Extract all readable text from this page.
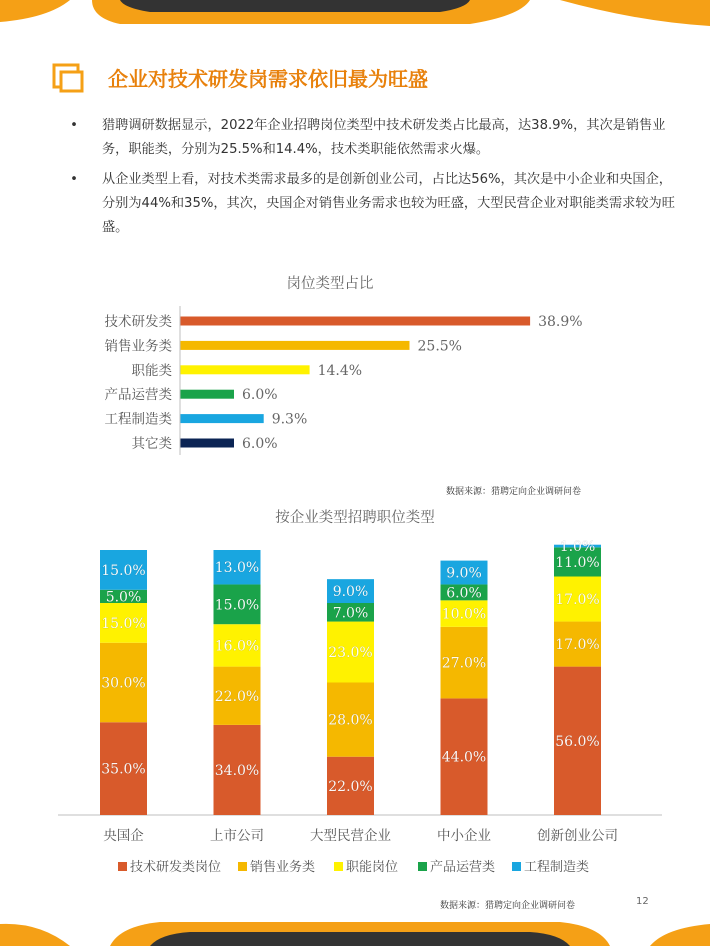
企业对技术研发岗需求依旧最为旺盛
• 猎聘调研数据显示，2022年企业招聘岗位类型中技术研发类占比最高，达38.9%，其次是销售业务，职能类，分别为25.5%和14.4%，技术类职能依然需求火爆。
• 从企业类型上看，对技术类需求最多的是创新创业公司，占比达56%，其次是中小企业和央国企，分别为44%和35%，其次，央国企对销售业务需求也较为旺盛，大型民营企业对职能类需求较为旺盛。
岗位类型占比
技术研发类	38.9%
销售业务类	25.5%
职能类	14.4%
产品运营类	6.0%
工程制造类	9.3%
其它类	6.0%
数据来源：猎聘定向企业调研问卷
按企业类型招聘职位类型
35.0%
30.0%
15.0%
5.0%
15.0%
央国企
34.0%
22.0%
16.0%
15.0%
13.0%
上市公司
22.0%
28.0%
23.0%
7.0%
9.0%
大型民营企业
44.0%
27.0%
10.0%
6.0%
9.0%
中小企业
56.0%
17.0%
17.0%
11.0%
1.0%
创新创业公司
技术研发类岗位 销售业务类 职能岗位 产品运营类 工程制造类
数据来源：猎聘定向企业调研问卷	12
